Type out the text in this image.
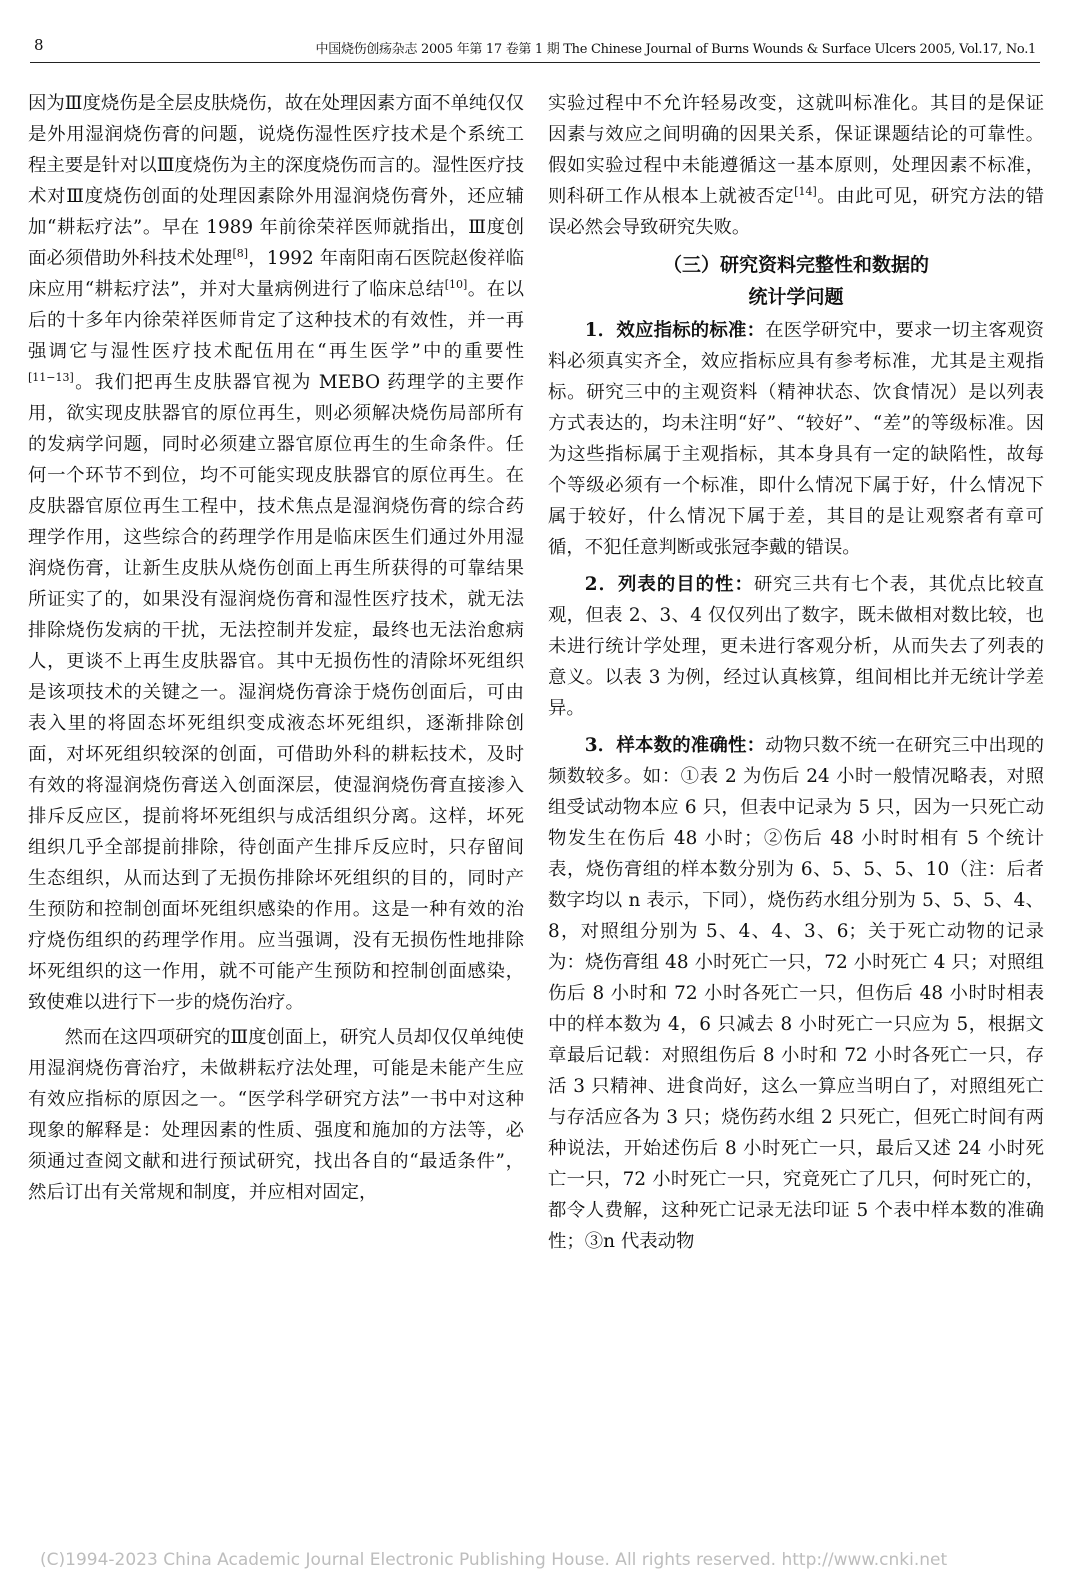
8	中国烧伤创疡杂志 2005 年第 17 卷第 1 期 The Chinese Journal of Burns Wounds & Surface Ulcers 2005, Vol.17, No.1

因为Ⅲ度烧伤是全层皮肤烧伤，故在处理因素方面不单纯仅仅是外用湿润烧伤膏的问题，说烧伤湿性医疗技术是个系统工程主要是针对以Ⅲ度烧伤为主的深度烧伤而言的。湿性医疗技术对Ⅲ度烧伤创面的处理因素除外用湿润烧伤膏外，还应辅加“耕耘疗法”。早在 1989 年前徐荣祥医师就指出，Ⅲ度创面必须借助外科技术处理[8]，1992 年南阳南石医院赵俊祥临床应用“耕耘疗法”，并对大量病例进行了临床总结[10]。在以后的十多年内徐荣祥医师肯定了这种技术的有效性，并一再强调它与湿性医疗技术配伍用在“再生医学”中的重要性[11−13]。我们把再生皮肤器官视为 MEBO 药理学的主要作用，欲实现皮肤器官的原位再生，则必须解决烧伤局部所有的发病学问题，同时必须建立器官原位再生的生命条件。任何一个环节不到位，均不可能实现皮肤器官的原位再生。在皮肤器官原位再生工程中，技术焦点是湿润烧伤膏的综合药理学作用，这些综合的药理学作用是临床医生们通过外用湿润烧伤膏，让新生皮肤从烧伤创面上再生所获得的可靠结果所证实了的，如果没有湿润烧伤膏和湿性医疗技术，就无法排除烧伤发病的干扰，无法控制并发症，最终也无法治愈病人，更谈不上再生皮肤器官。其中无损伤性的清除坏死组织是该项技术的关键之一。湿润烧伤膏涂于烧伤创面后，可由表入里的将固态坏死组织变成液态坏死组织，逐渐排除创面，对坏死组织较深的创面，可借助外科的耕耘技术，及时有效的将湿润烧伤膏送入创面深层，使湿润烧伤膏直接渗入排斥反应区，提前将坏死组织与成活组织分离。这样，坏死组织几乎全部提前排除，待创面产生排斥反应时，只存留间生态组织，从而达到了无损伤排除坏死组织的目的，同时产生预防和控制创面坏死组织感染的作用。这是一种有效的治疗烧伤组织的药理学作用。应当强调，没有无损伤性地排除坏死组织的这一作用，就不可能产生预防和控制创面感染，致使难以进行下一步的烧伤治疗。

然而在这四项研究的Ⅲ度创面上，研究人员却仅仅单纯使用湿润烧伤膏治疗，未做耕耘疗法处理，可能是未能产生应有效应指标的原因之一。“医学科学研究方法”一书中对这种现象的解释是：处理因素的性质、强度和施加的方法等，必须通过查阅文献和进行预试研究，找出各自的“最适条件”，然后订出有关常规和制度，并应相对固定，

实验过程中不允许轻易改变，这就叫标准化。其目的是保证因素与效应之间明确的因果关系，保证课题结论的可靠性。假如实验过程中未能遵循这一基本原则，处理因素不标准，则科研工作从根本上就被否定[14]。由此可见，研究方法的错误必然会导致研究失败。

（三）研究资料完整性和数据的
统计学问题

1．效应指标的标准：在医学研究中，要求一切主客观资料必须真实齐全，效应指标应具有参考标准，尤其是主观指标。研究三中的主观资料（精神状态、饮食情况）是以列表方式表达的，均未注明“好”、“较好”、“差”的等级标准。因为这些指标属于主观指标，其本身具有一定的缺陷性，故每个等级必须有一个标准，即什么情况下属于好，什么情况下属于较好，什么情况下属于差，其目的是让观察者有章可循，不犯任意判断或张冠李戴的错误。

2．列表的目的性：研究三共有七个表，其优点比较直观，但表 2、3、4 仅仅列出了数字，既未做相对数比较，也未进行统计学处理，更未进行客观分析，从而失去了列表的意义。以表 3 为例，经过认真核算，组间相比并无统计学差异。

3．样本数的准确性：动物只数不统一在研究三中出现的频数较多。如：①表 2 为伤后 24 小时一般情况略表，对照组受试动物本应 6 只，但表中记录为 5 只，因为一只死亡动物发生在伤后 48 小时；②伤后 48 小时时相有 5 个统计表，烧伤膏组的样本数分别为 6、5、5、5、10（注：后者数字均以 n 表示，下同），烧伤药水组分别为 5、5、5、4、8，对照组分别为 5、4、4、3、6；关于死亡动物的记录为：烧伤膏组 48 小时死亡一只，72 小时死亡 4 只；对照组伤后 8 小时和 72 小时各死亡一只，但伤后 48 小时时相表中的样本数为 4，6 只减去 8 小时死亡一只应为 5，根据文章最后记载：对照组伤后 8 小时和 72 小时各死亡一只，存活 3 只精神、进食尚好，这么一算应当明白了，对照组死亡与存活应各为 3 只；烧伤药水组 2 只死亡，但死亡时间有两种说法，开始述伤后 8 小时死亡一只，最后又述 24 小时死亡一只，72 小时死亡一只，究竟死亡了几只，何时死亡的，都令人费解，这种死亡记录无法印证 5 个表中样本数的准确性；③n 代表动物

(C)1994-2023 China Academic Journal Electronic Publishing House. All rights reserved. http://www.cnki.net
